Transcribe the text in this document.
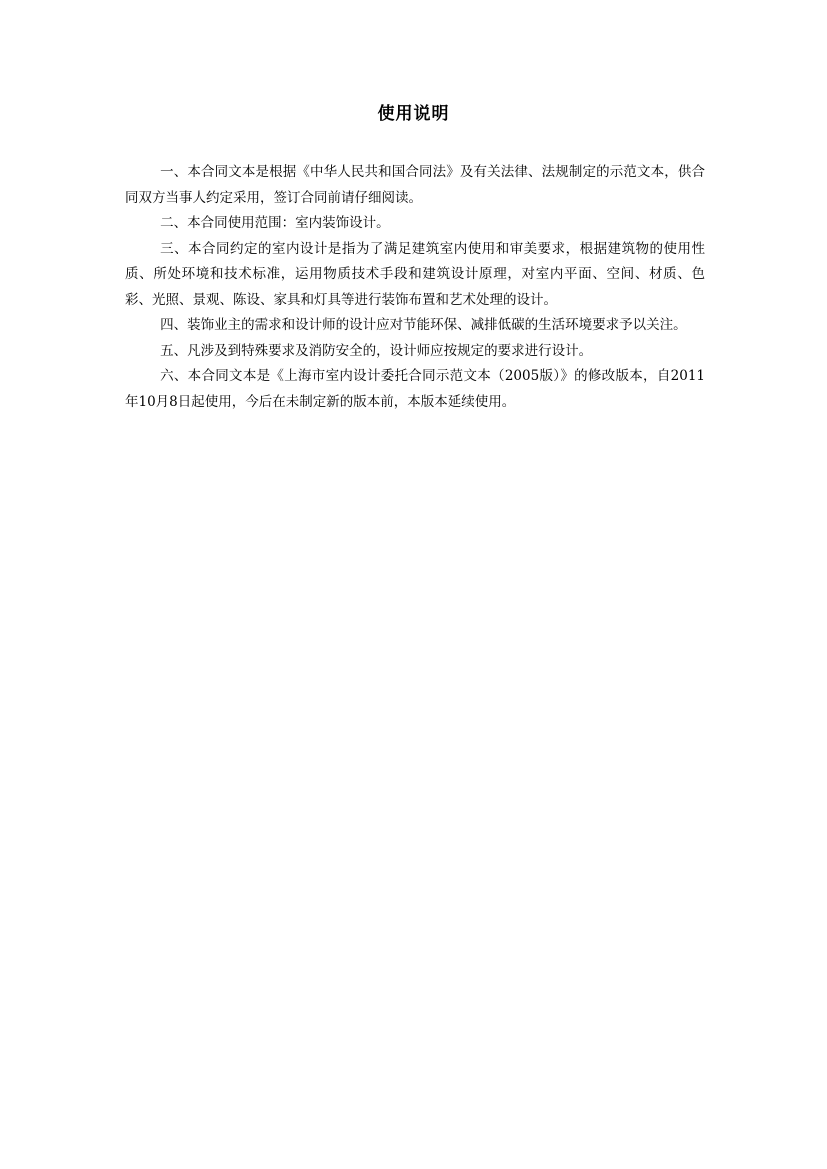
使用说明

一、本合同文本是根据《中华人民共和国合同法》及有关法律、法规制定的示范文本，供合同双方当事人约定采用，签订合同前请仔细阅读。

二、本合同使用范围：室内装饰设计。

三、本合同约定的室内设计是指为了满足建筑室内使用和审美要求，根据建筑物的使用性质、所处环境和技术标准，运用物质技术手段和建筑设计原理，对室内平面、空间、材质、色彩、光照、景观、陈设、家具和灯具等进行装饰布置和艺术处理的设计。

四、装饰业主的需求和设计师的设计应对节能环保、减排低碳的生活环境要求予以关注。

五、凡涉及到特殊要求及消防安全的，设计师应按规定的要求进行设计。

六、本合同文本是《上海市室内设计委托合同示范文本（2005版）》的修改版本，自2011年10月8日起使用，今后在未制定新的版本前，本版本延续使用。
